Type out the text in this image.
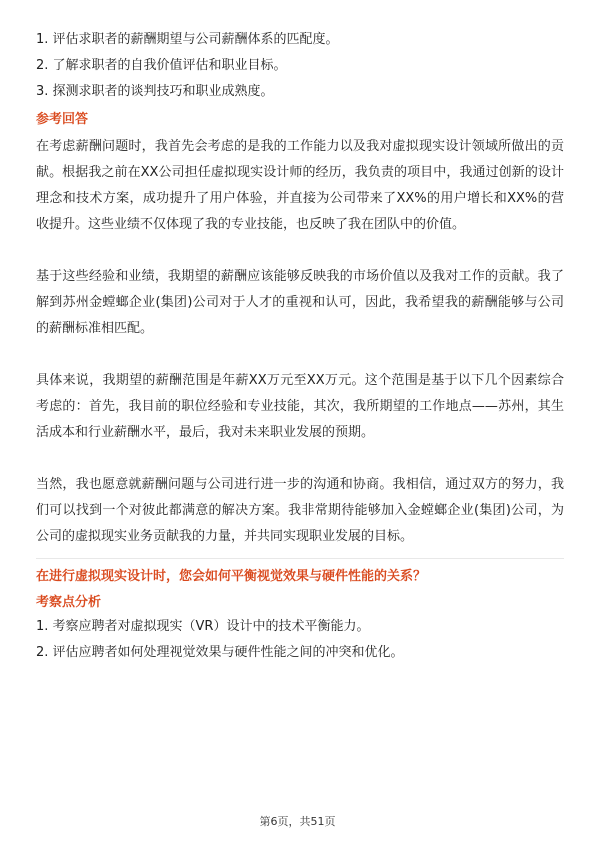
1. 评估求职者的薪酬期望与公司薪酬体系的匹配度。
2. 了解求职者的自我价值评估和职业目标。
3. 探测求职者的谈判技巧和职业成熟度。
参考回答

在考虑薪酬问题时，我首先会考虑的是我的工作能力以及我对虚拟现实设计领域所做出的贡献。根据我之前在XX公司担任虚拟现实设计师的经历，我负责的项目中，我通过创新的设计理念和技术方案，成功提升了用户体验，并直接为公司带来了XX%的用户增长和XX%的营收提升。这些业绩不仅体现了我的专业技能，也反映了我在团队中的价值。

基于这些经验和业绩，我期望的薪酬应该能够反映我的市场价值以及我对工作的贡献。我了解到苏州金螳螂企业(集团)公司对于人才的重视和认可，因此，我希望我的薪酬能够与公司的薪酬标准相匹配。

具体来说，我期望的薪酬范围是年薪XX万元至XX万元。这个范围是基于以下几个因素综合考虑的：首先，我目前的职位经验和专业技能，其次，我所期望的工作地点——苏州，其生活成本和行业薪酬水平，最后，我对未来职业发展的预期。

当然，我也愿意就薪酬问题与公司进行进一步的沟通和协商。我相信，通过双方的努力，我们可以找到一个对彼此都满意的解决方案。我非常期待能够加入金螳螂企业(集团)公司，为公司的虚拟现实业务贡献我的力量，并共同实现职业发展的目标。

在进行虚拟现实设计时，您会如何平衡视觉效果与硬件性能的关系？
考察点分析
1. 考察应聘者对虚拟现实（VR）设计中的技术平衡能力。
2. 评估应聘者如何处理视觉效果与硬件性能之间的冲突和优化。
第6页，共51页
